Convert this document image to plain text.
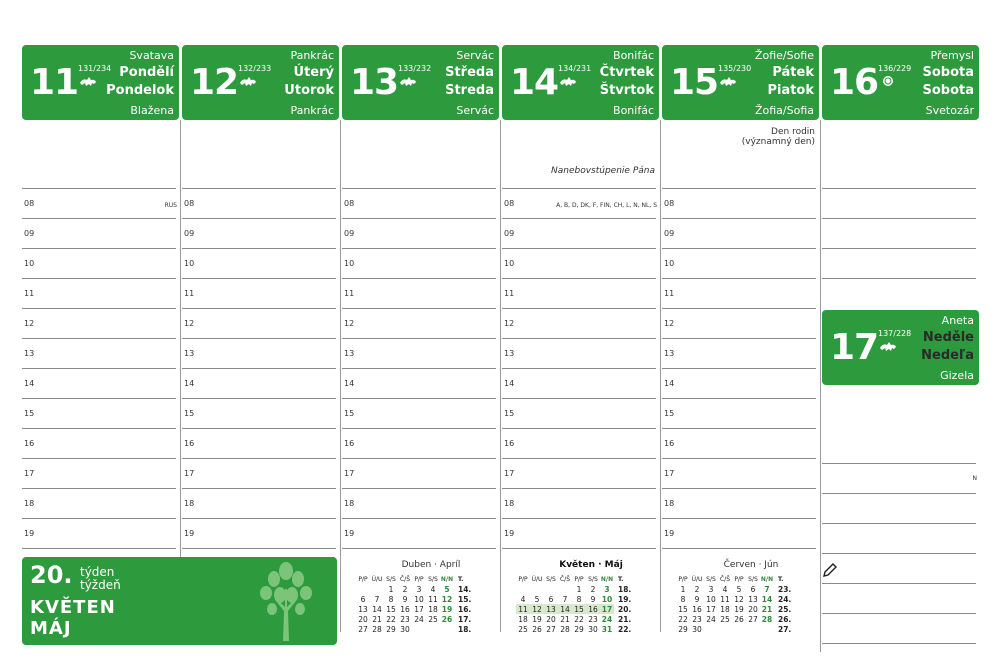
11 131/234
Svatava
Pondělí
Pondelok
Blažena
08
09
10
11
12
13
14
15
16
17
18
19
RUS
12 132/233
Pankrác
Úterý
Utorok
Pankrác
08
09
10
11
12
13
14
15
16
17
18
19
13 133/232
Servác
Středa
Streda
Servác
08
09
10
11
12
13
14
15
16
17
18
19
14 134/231
Bonifác
Čtvrtek
Štvrtok
Bonifác
08
09
10
11
12
13
14
15
16
17
18
19
Nanebovstúpenie Pána
A, B, D, DK, F, FIN, CH, L, N, NL, S
15 135/230
Žofie/Sofie
Pátek
Piatok
Žofia/Sofia
08
09
10
11
12
13
14
15
16
17
18
19
Den rodin
(významný den)
16 136/229
Přemysl
Sobota
Sobota
Svetozár
17 137/228
Aneta
Neděle
Nedeľa
Gizela
N
20. týden
týždeň
KVĚTEN
MÁJ
Duben · Apríl
P/P	Ú/U	S/S	Č/Š	P/P	S/S	N/N	T.
		1	2	3	4	5	14.
6	7	8	9	10	11	12	15.
13	14	15	16	17	18	19	16.
20	21	22	23	24	25	26	17.
27	28	29	30				18.
Květen · Máj
P/P	Ú/U	S/S	Č/Š	P/P	S/S	N/N	T.
				1	2	3	18.
4	5	6	7	8	9	10	19.
11	12	13	14	15	16	17	20.
18	19	20	21	22	23	24	21.
25	26	27	28	29	30	31	22.
Červen · Jún
P/P	Ú/U	S/S	Č/Š	P/P	S/S	N/N	T.
1	2	3	4	5	6	7	23.
8	9	10	11	12	13	14	24.
15	16	17	18	19	20	21	25.
22	23	24	25	26	27	28	26.
29	30						27.
